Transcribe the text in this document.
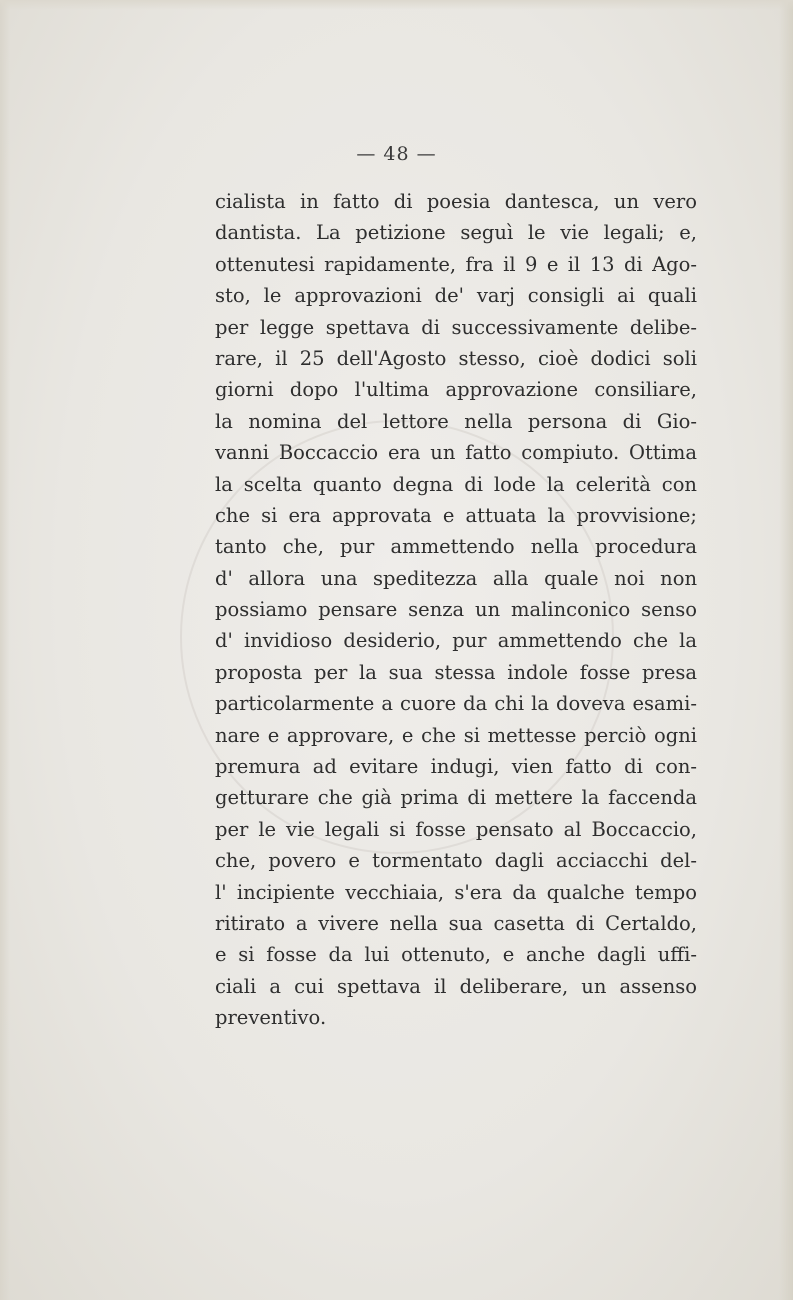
— 48 —
cialista in fatto di poesia dantesca, un vero
dantista. La petizione seguì le vie legali; e,
ottenutesi rapidamente, fra il 9 e il 13 di Ago-
sto, le approvazioni de' varj consigli ai quali
per legge spettava di successivamente delibe-
rare, il 25 dell'Agosto stesso, cioè dodici soli
giorni dopo l'ultima approvazione consiliare,
la nomina del lettore nella persona di Gio-
vanni Boccaccio era un fatto compiuto. Ottima
la scelta quanto degna di lode la celerità con
che si era approvata e attuata la provvisione;
tanto che, pur ammettendo nella procedura
d' allora una speditezza alla quale noi non
possiamo pensare senza un malinconico senso
d' invidioso desiderio, pur ammettendo che la
proposta per la sua stessa indole fosse presa
particolarmente a cuore da chi la doveva esami-
nare e approvare, e che si mettesse perciò ogni
premura ad evitare indugi, vien fatto di con-
getturare che già prima di mettere la faccenda
per le vie legali si fosse pensato al Boccaccio,
che, povero e tormentato dagli acciacchi del-
l' incipiente vecchiaia, s'era da qualche tempo
ritirato a vivere nella sua casetta di Certaldo,
e si fosse da lui ottenuto, e anche dagli uffi-
ciali a cui spettava il deliberare, un assenso
preventivo.
